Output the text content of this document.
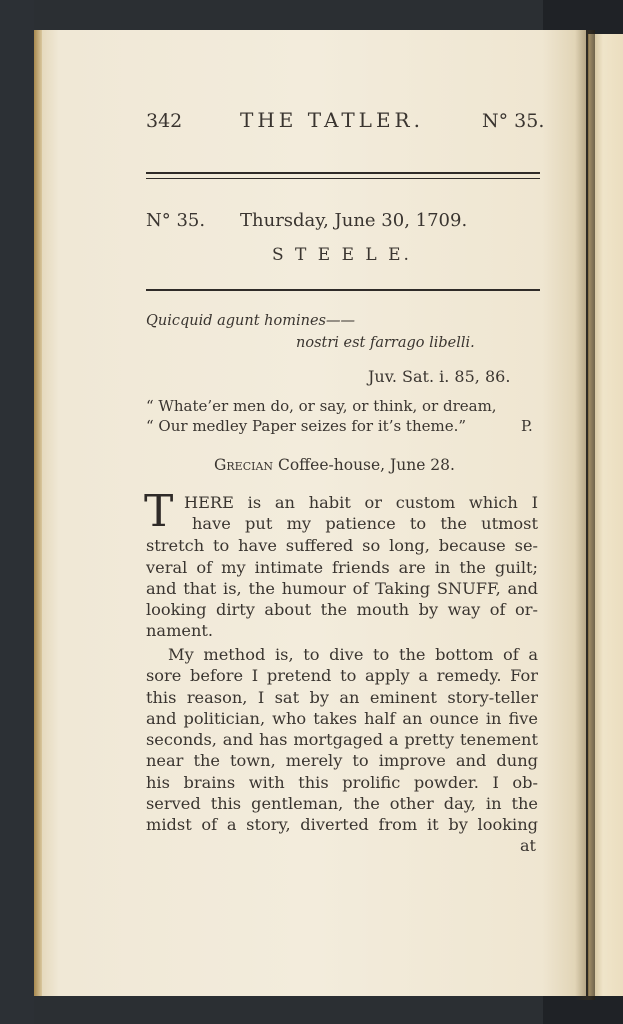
342	THE TATLER.	N° 35.
N° 35. Thursday, June 30, 1709.
S T E E L E.
Quicquid agunt homines——
nostri est farrago libelli.
Juv. Sat. i. 85, 86.
“ Whate’er men do, or say, or think, or dream,
“ Our medley Paper seizes for it’s theme.”	P.
Grecian Coffee-house, June 28.
T HERE is an habit or custom which I
have put my patience to the utmost
stretch to have suffered so long, because se-
veral of my intimate friends are in the guilt;
and that is, the humour of Taking SNUFF, and
looking dirty about the mouth by way of or-
nament.
My method is, to dive to the bottom of a
sore before I pretend to apply a remedy. For
this reason, I sat by an eminent story-teller
and politician, who takes half an ounce in five
seconds, and has mortgaged a pretty tenement
near the town, merely to improve and dung
his brains with this prolific powder. I ob-
served this gentleman, the other day, in the
midst of a story, diverted from it by looking
at
